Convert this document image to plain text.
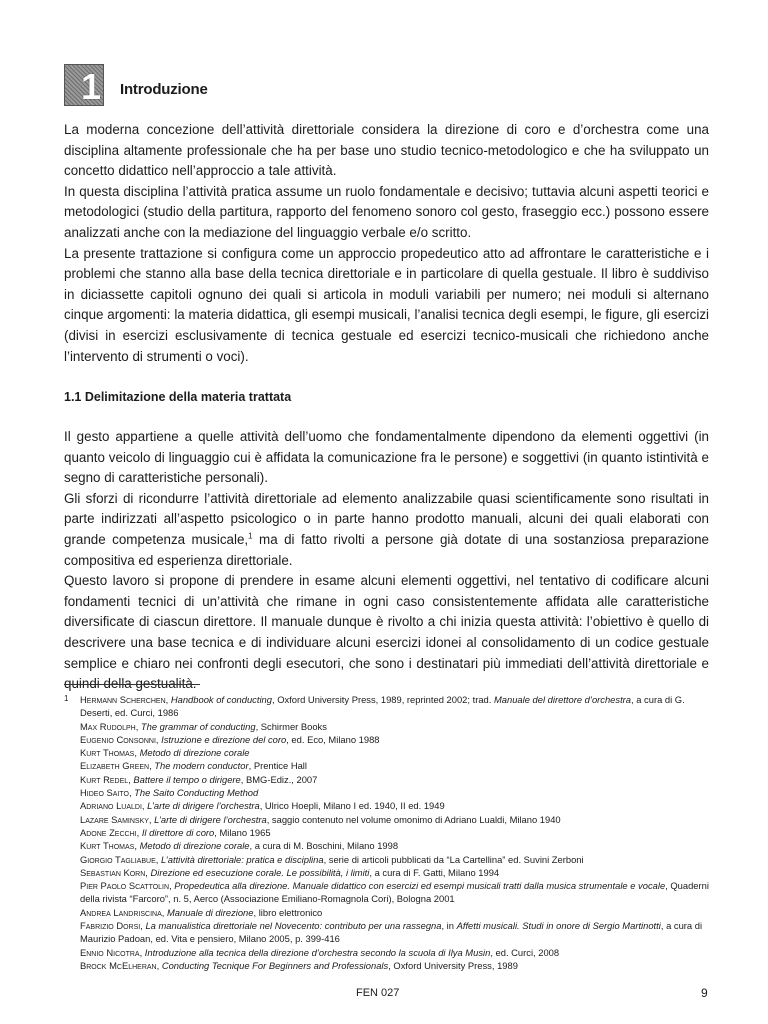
1 Introduzione

La moderna concezione dell’attività direttoriale considera la direzione di coro e d’orchestra come una disciplina altamente professionale che ha per base uno studio tecnico-metodologico e che ha sviluppato un concetto didattico nell’approccio a tale attività.

In questa disciplina l’attività pratica assume un ruolo fondamentale e decisivo; tuttavia alcuni aspetti teorici e metodologici (studio della partitura, rapporto del fenomeno sonoro col gesto, fraseggio ecc.) possono essere analizzati anche con la mediazione del linguaggio verbale e/o scritto.

La presente trattazione si configura come un approccio propedeutico atto ad affrontare le caratteristiche e i problemi che stanno alla base della tecnica direttoriale e in particolare di quella gestuale. Il libro è suddiviso in diciassette capitoli ognuno dei quali si articola in moduli variabili per numero; nei moduli si alternano cinque argomenti: la materia didattica, gli esempi musicali, l’analisi tecnica degli esempi, le figure, gli esercizi (divisi in esercizi esclusivamente di tecnica gestuale ed esercizi tecnico-musicali che richiedono anche l’intervento di strumenti o voci).

1.1 Delimitazione della materia trattata

Il gesto appartiene a quelle attività dell’uomo che fondamentalmente dipendono da elementi oggettivi (in quanto veicolo di linguaggio cui è affidata la comunicazione fra le persone) e soggettivi (in quanto istintività e segno di caratteristiche personali).

Gli sforzi di ricondurre l’attività direttoriale ad elemento analizzabile quasi scientificamente sono risultati in parte indirizzati all’aspetto psicologico o in parte hanno prodotto manuali, alcuni dei quali elaborati con grande competenza musicale,$^1$ ma di fatto rivolti a persone già dotate di una sostanziosa preparazione compositiva ed esperienza direttoriale.

Questo lavoro si propone di prendere in esame alcuni elementi oggettivi, nel tentativo di codificare alcuni fondamenti tecnici di un’attività che rimane in ogni caso consistentemente affidata alle caratteristiche diversificate di ciascun direttore. Il manuale dunque è rivolto a chi inizia questa attività: l’obiettivo è quello di descrivere una base tecnica e di individuare alcuni esercizi idonei al consolidamento di un codice gestuale semplice e chiaro nei confronti degli esecutori, che sono i destinatari più immediati dell’attività direttoriale e quindi della gestualità.

1	Hermann Scherchen, Handbook of conducting, Oxford University Press, 1989, reprinted 2002; trad. Manuale del direttore d’orchestra, a cura di G. Deserti, ed. Curci, 1986
Max Rudolph, The grammar of conducting, Schirmer Books
Eugenio Consonni, Istruzione e direzione del coro, ed. Eco, Milano 1988
Kurt Thomas, Metodo di direzione corale
Elizabeth Green, The modern conductor, Prentice Hall
Kurt Redel, Battere il tempo o dirigere, BMG-Ediz., 2007
Hideo Saito, The Saito Conducting Method
Adriano Lualdi, L’arte di dirigere l’orchestra, Ulrico Hoepli, Milano I ed. 1940, II ed. 1949
Lazare Saminsky, L’arte di dirigere l’orchestra, saggio contenuto nel volume omonimo di Adriano Lualdi, Milano 1940
Adone Zecchi, Il direttore di coro, Milano 1965
Kurt Thomas, Metodo di direzione corale, a cura di M. Boschini, Milano 1998
Giorgio Tagliabue, L’attività direttoriale: pratica e disciplina, serie di articoli pubblicati da “La Cartellina” ed. Suvini Zerboni
Sebastian Korn, Direzione ed esecuzione corale. Le possibilità, i limiti, a cura di F. Gatti, Milano 1994
Pier Paolo Scattolin, Propedeutica alla direzione. Manuale didattico con esercizi ed esempi musicali tratti dalla musica strumentale e vocale, Quaderni della rivista “Farcoro”, n. 5, Aerco (Associazione Emiliano-Romagnola Cori), Bologna 2001
Andrea Landriscina, Manuale di direzione, libro elettronico
Fabrizio Dorsi, La manualistica direttoriale nel Novecento: contributo per una rassegna, in Affetti musicali. Studi in onore di Sergio Martinotti, a cura di Maurizio Padoan, ed. Vita e pensiero, Milano 2005, p. 399-416
Ennio Nicotra, Introduzione alla tecnica della direzione d’orchestra secondo la scuola di Ilya Musin, ed. Curci, 2008
Brock McElheran, Conducting Tecnique For Beginners and Professionals, Oxford University Press, 1989
FEN 027	9
